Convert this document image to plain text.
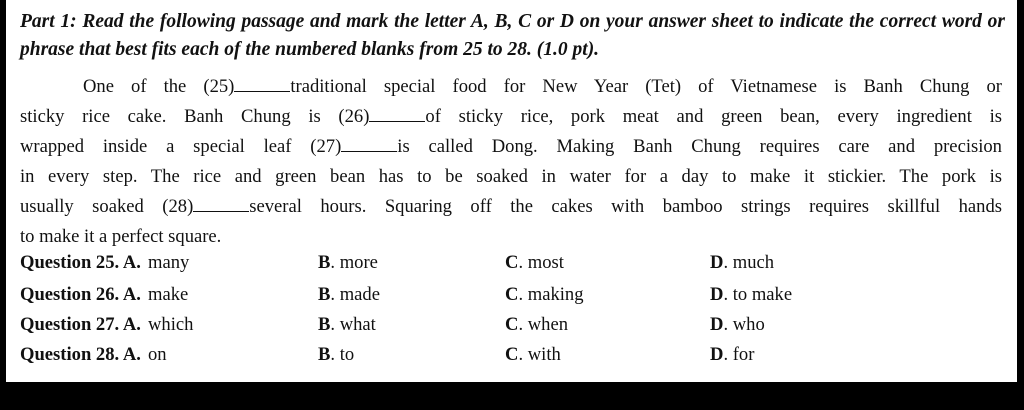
Part 1: Read the following passage and mark the letter A, B, C or D on your answer sheet to indicate the correct word or phrase that best fits each of the numbered blanks from 25 to 28. (1.0 pt).
One of the (25)	traditional special food for New Year (Tet) of Vietnamese is Banh Chung or
sticky rice cake. Banh Chung is (26)	of sticky rice, pork meat and green bean, every ingredient is
wrapped inside a special leaf (27)	is called Dong. Making Banh Chung requires care and precision
in every step. The rice and green bean has to be soaked in water for a day to make it stickier. The pork is
usually soaked (28)	several hours. Squaring off the cakes with bamboo strings requires skillful hands
to make it a perfect square.
Question 25. A. many	B. more	C. most	D. much
Question 26. A. make	B. made	C. making	D. to make
Question 27. A. which	B. what	C. when	D. who
Question 28. A. on	B. to	C. with	D. for
